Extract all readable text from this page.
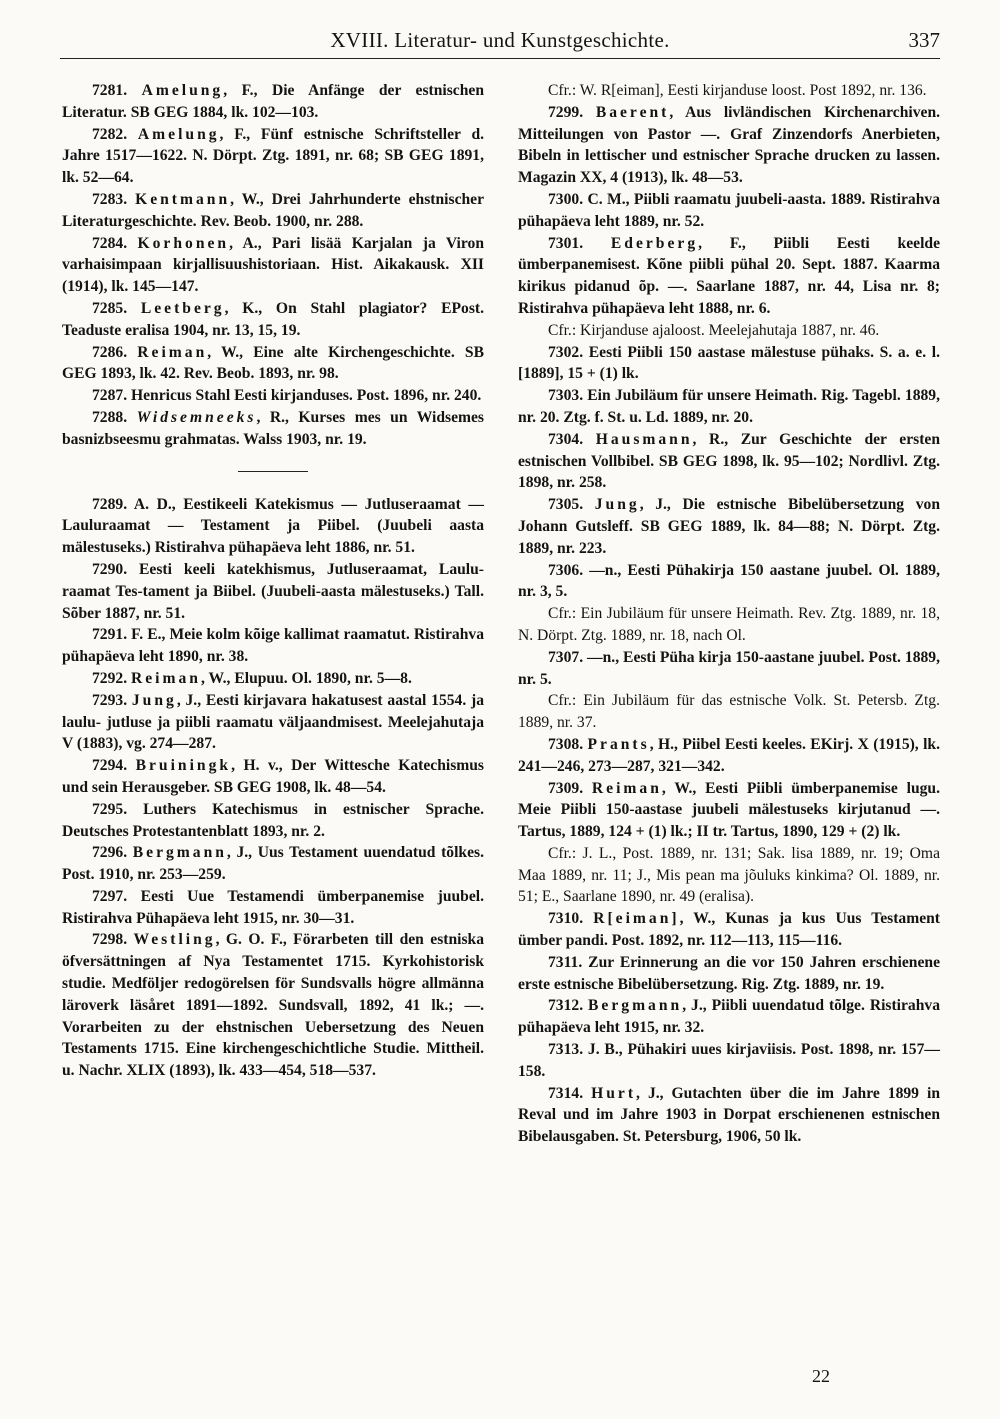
XVIII. Literatur- und Kunstgeschichte.	337

7281. Amelung, F., Die Anfänge der estnischen Literatur. SB GEG 1884, lk. 102—103.

7282. Amelung, F., Fünf estnische Schriftsteller d. Jahre 1517—1622. N. Dörpt. Ztg. 1891, nr. 68; SB GEG 1891, lk. 52—64.

7283. Kentmann, W., Drei Jahrhunderte ehstnischer Literaturgeschichte. Rev. Beob. 1900, nr. 288.

7284. Korhonen, A., Pari lisää Karjalan ja Viron varhaisimpaan kirjallisuushistoriaan. Hist. Aikakausk. XII (1914), lk. 145—147.

7285. Leetberg, K., On Stahl plagiator? EPost. Teaduste eralisa 1904, nr. 13, 15, 19.

7286. Reiman, W., Eine alte Kirchengeschichte. SB GEG 1893, lk. 42. Rev. Beob. 1893, nr. 98.

7287. Henricus Stahl Eesti kirjanduses. Post. 1896, nr. 240.

7288. Widsemneeks, R., Kurses mes un Widsemes basnizbseesmu grahmatas. Walss 1903, nr. 19.

7289. A. D., Eestikeeli Katekismus — Jutluseraamat — Lauluraamat — Testament ja Piibel. (Juubeli aasta mälestuseks.) Ristirahva pühapäeva leht 1886, nr. 51.

7290. Eesti keeli katekhismus, Jutluseraamat, Laulu-raamat Tes-tament ja Biibel. (Juubeli-aasta mälestuseks.) Tall. Sõber 1887, nr. 51.

7291. F. E., Meie kolm kõige kallimat raamatut. Ristirahva pühapäeva leht 1890, nr. 38.

7292. Reiman, W., Elupuu. Ol. 1890, nr. 5—8.

7293. Jung, J., Eesti kirjavara hakatusest aastal 1554. ja laulu- jutluse ja piibli raamatu väljaandmisest. Meelejahutaja V (1883), vg. 274—287.

7294. Bruiningk, H. v., Der Wittesche Katechismus und sein Herausgeber. SB GEG 1908, lk. 48—54.

7295. Luthers Katechismus in estnischer Sprache. Deutsches Protestantenblatt 1893, nr. 2.

7296. Bergmann, J., Uus Testament uuendatud tõlkes. Post. 1910, nr. 253—259.

7297. Eesti Uue Testamendi ümberpanemise juubel. Ristirahva Pühapäeva leht 1915, nr. 30—31.

7298. Westling, G. O. F., Förarbeten till den estniska öfversättningen af Nya Testamentet 1715. Kyrkohistorisk studie. Medföljer redogörelsen för Sundsvalls högre allmänna läroverk läsåret 1891—1892. Sundsvall, 1892, 41 lk.; —. Vorarbeiten zu der ehstnischen Uebersetzung des Neuen Testaments 1715. Eine kirchengeschichtliche Studie. Mittheil. u. Nachr. XLIX (1893), lk. 433—454, 518—537.

Cfr.: W. R[eiman], Eesti kirjanduse loost. Post 1892, nr. 136.

7299. Baerent, Aus livländischen Kirchenarchiven. Mitteilungen von Pastor —. Graf Zinzendorfs Anerbieten, Bibeln in lettischer und estnischer Sprache drucken zu lassen. Magazin XX, 4 (1913), lk. 48—53.

7300. C. M., Piibli raamatu juubeli-aasta. 1889. Ristirahva pühapäeva leht 1889, nr. 52.

7301. Ederberg, F., Piibli Eesti keelde ümberpanemisest. Kõne piibli pühal 20. Sept. 1887. Kaarma kirikus pidanud õp. —. Saarlane 1887, nr. 44, Lisa nr. 8; Ristirahva pühapäeva leht 1888, nr. 6.

Cfr.: Kirjanduse ajaloost. Meelejahutaja 1887, nr. 46.

7302. Eesti Piibli 150 aastase mälestuse pühaks. S. a. e. l. [1889], 15 + (1) lk.

7303. Ein Jubiläum für unsere Heimath. Rig. Tagebl. 1889, nr. 20. Ztg. f. St. u. Ld. 1889, nr. 20.

7304. Hausmann, R., Zur Geschichte der ersten estnischen Vollbibel. SB GEG 1898, lk. 95—102; Nordlivl. Ztg. 1898, nr. 258.

7305. Jung, J., Die estnische Bibelübersetzung von Johann Gutsleff. SB GEG 1889, lk. 84—88; N. Dörpt. Ztg. 1889, nr. 223.

7306. —n., Eesti Pühakirja 150 aastane juubel. Ol. 1889, nr. 3, 5.

Cfr.: Ein Jubiläum für unsere Heimath. Rev. Ztg. 1889, nr. 18, N. Dörpt. Ztg. 1889, nr. 18, nach Ol.

7307. —n., Eesti Püha kirja 150-aastane juubel. Post. 1889, nr. 5.

Cfr.: Ein Jubiläum für das estnische Volk. St. Petersb. Ztg. 1889, nr. 37.

7308. Prants, H., Piibel Eesti keeles. EKirj. X (1915), lk. 241—246, 273—287, 321—342.

7309. Reiman, W., Eesti Piibli ümberpanemise lugu. Meie Piibli 150-aastase juubeli mälestuseks kirjutanud —. Tartus, 1889, 124 + (1) lk.; II tr. Tartus, 1890, 129 + (2) lk.

Cfr.: J. L., Post. 1889, nr. 131; Sak. lisa 1889, nr. 19; Oma Maa 1889, nr. 11; J., Mis pean ma jõuluks kinkima? Ol. 1889, nr. 51; E., Saarlane 1890, nr. 49 (eralisa).

7310. R[eiman], W., Kunas ja kus Uus Testament ümber pandi. Post. 1892, nr. 112—113, 115—116.

7311. Zur Erinnerung an die vor 150 Jahren erschienene erste estnische Bibelübersetzung. Rig. Ztg. 1889, nr. 19.

7312. Bergmann, J., Piibli uuendatud tõlge. Ristirahva pühapäeva leht 1915, nr. 32.

7313. J. B., Pühakiri uues kirjaviisis. Post. 1898, nr. 157—158.

7314. Hurt, J., Gutachten über die im Jahre 1899 in Reval und im Jahre 1903 in Dorpat erschienenen estnischen Bibelausgaben. St. Petersburg, 1906, 50 lk.

22
